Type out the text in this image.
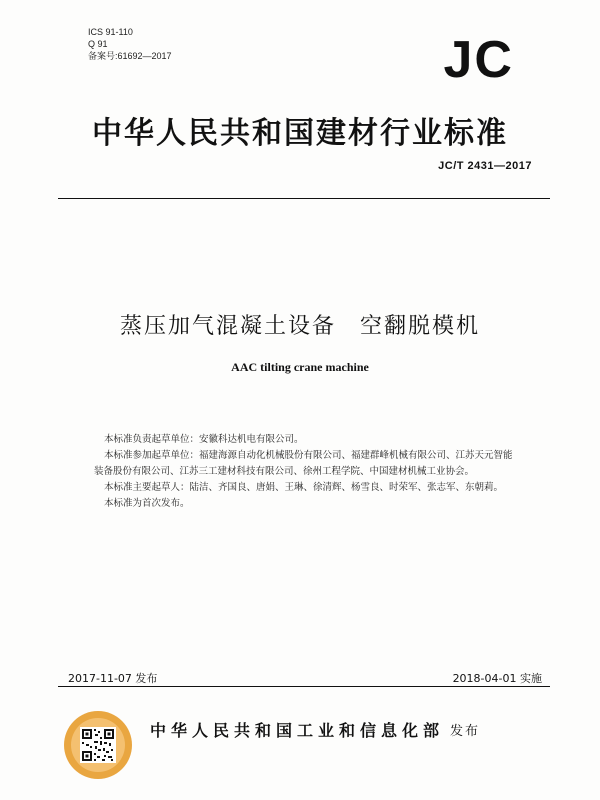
ICS 91-110
Q 91
备案号:61692—2017	JC
中华人民共和国建材行业标准
JC/T 2431—2017
蒸压加气混凝土设备　空翻脱模机
AAC tilting crane machine
本标准负责起草单位：安徽科达机电有限公司。
本标准参加起草单位：福建海源自动化机械股份有限公司、福建群峰机械有限公司、江苏天元智能
装备股份有限公司、江苏三工建材科技有限公司、徐州工程学院、中国建材机械工业协会。
本标准主要起草人：陆洁、齐国良、唐娟、王琳、徐清辉、杨雪良、时荣军、张志军、东朝莉。
本标准为首次发布。
2017-11-07 发布	2018-04-01 实施
中华人民共和国工业和信息化部 发布
